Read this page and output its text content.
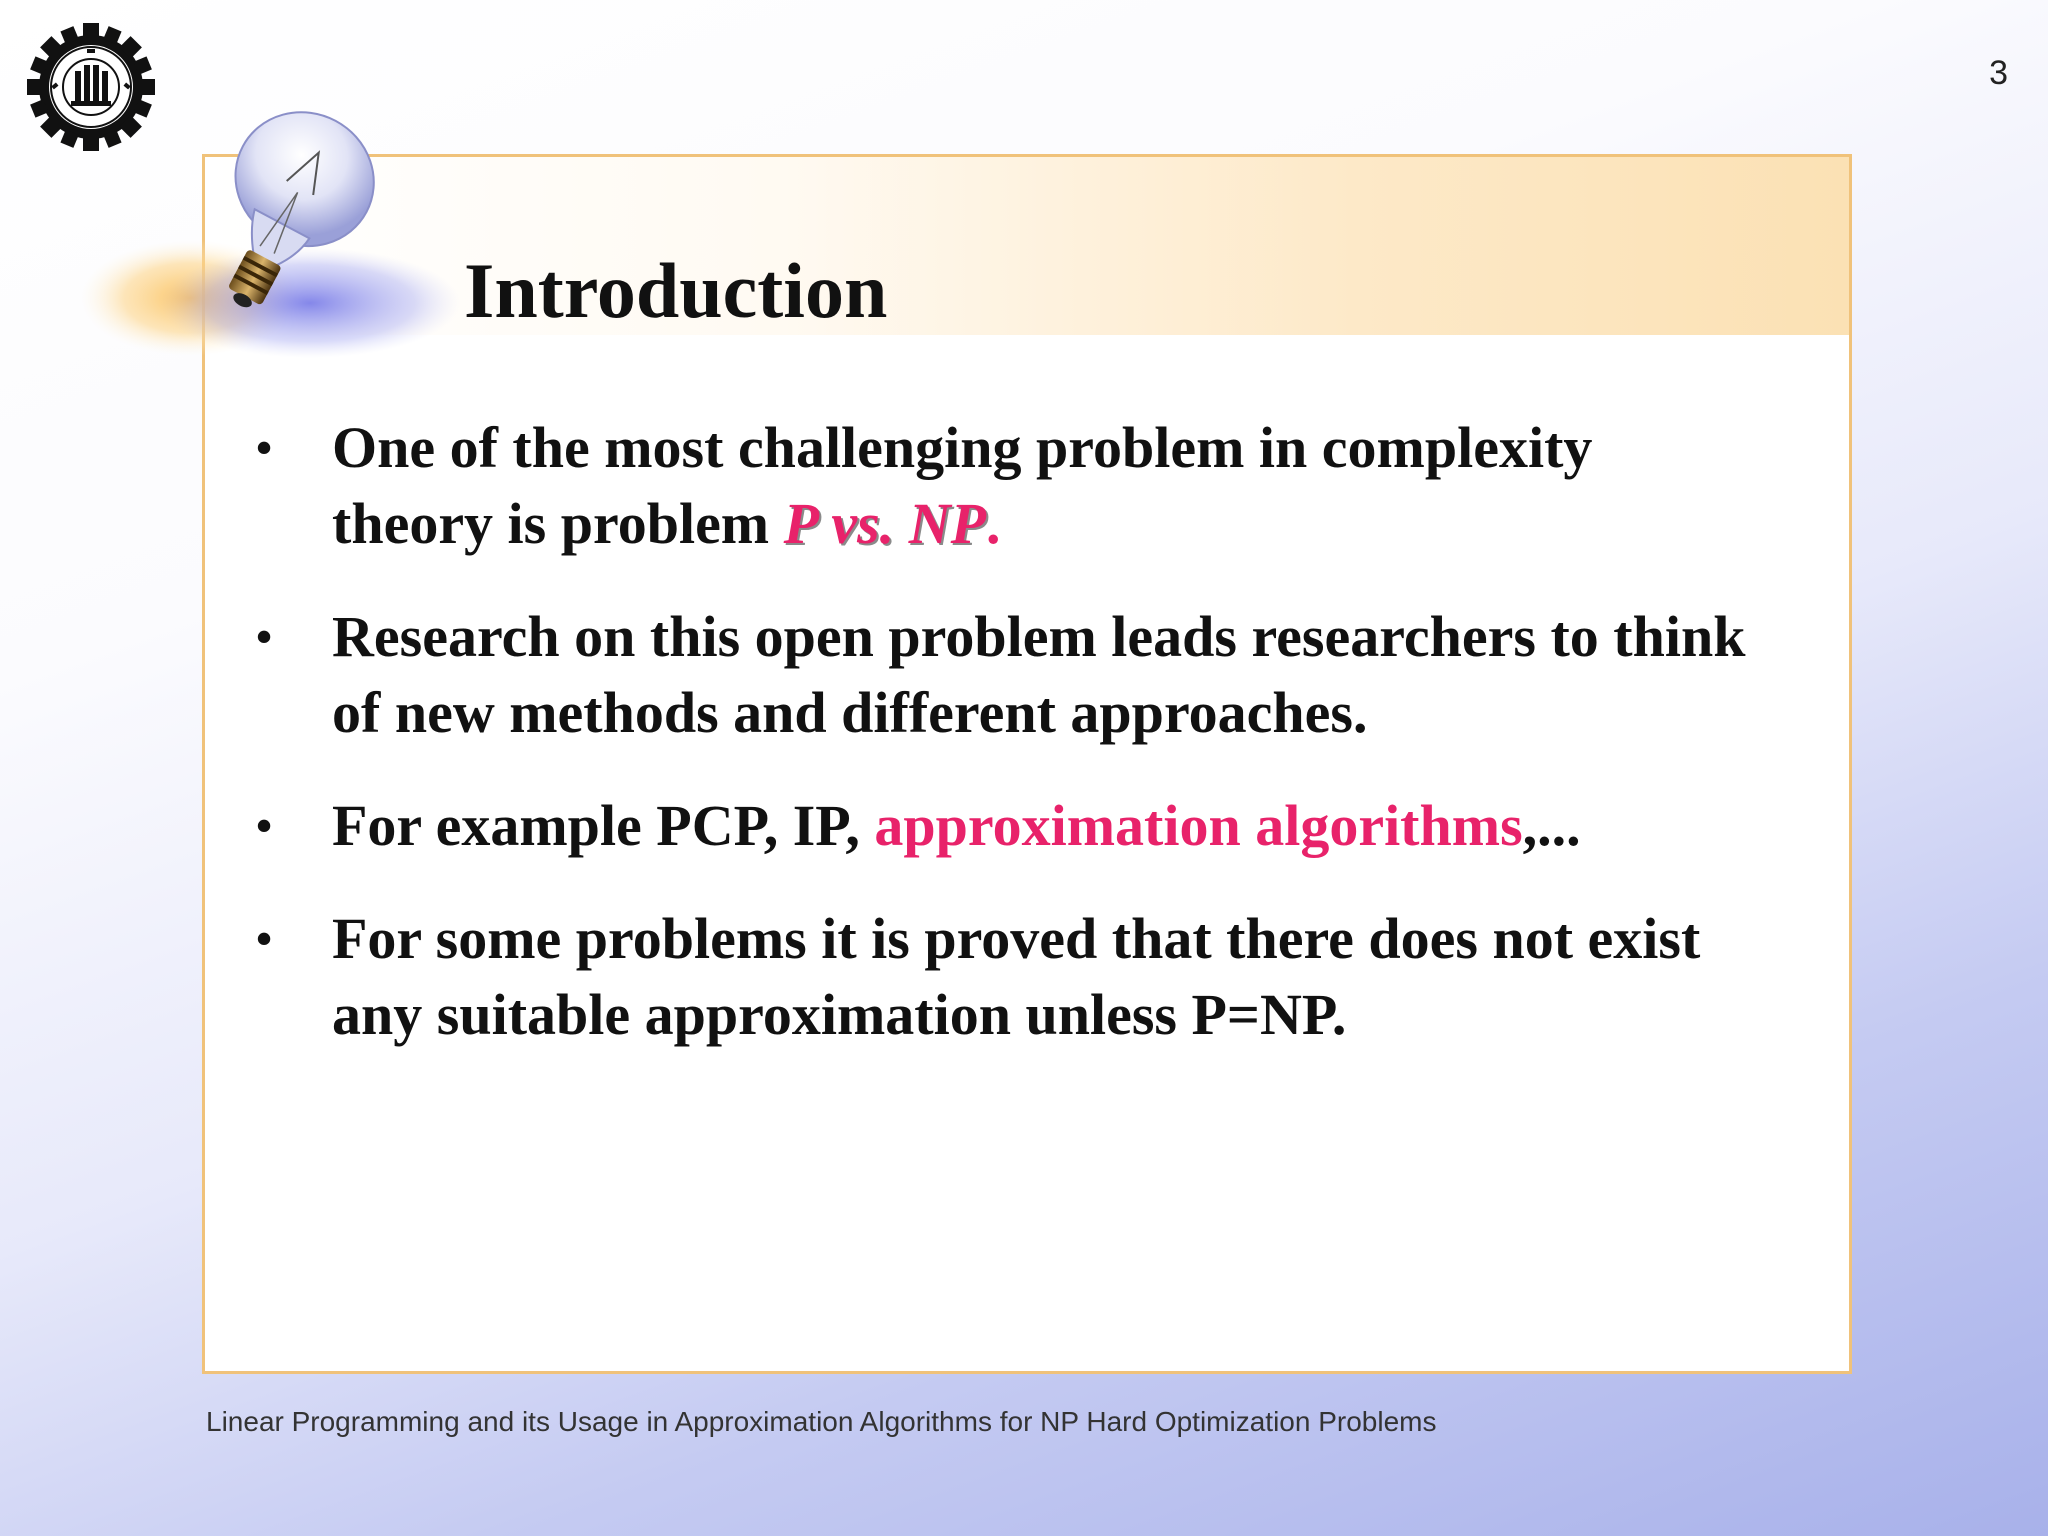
3
Introduction
• One of the most challenging problem in complexity theory is problem P vs. NP.
• Research on this open problem leads researchers to think of new methods and different approaches.
• For example PCP, IP, approximation algorithms,...
• For some problems it is proved that there does not exist any suitable approximation unless P=NP.
Linear Programming and its Usage in Approximation Algorithms for NP Hard Optimization Problems
